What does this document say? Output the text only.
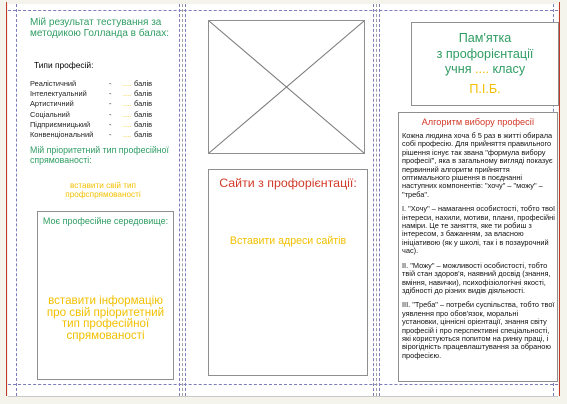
Мій результат тестування за методикою Голланда в балах:
Типи професій:
Реалістичний	-	.... балів
Інтелектуальний	-	.... балів
Артистичний	-	.... балів
Соціальний	-	.... балів
Підприємницький	-	.... балів
Конвенціональний	-	.... балів
Мій пріоритетний тип професійної спрямованості:
вставити свій тип профспрямованості
Моє професійне середовище:
вставити інформацію про свій пріоритетний тип професійної спрямованості
Сайти з профорієнтації:
Вставити адреси сайтів
Пам'ятка
з профорієнтації
учня .... класу
П.І.Б.
Алгоритм вибору професії

Кожна людина хоча б 5 раз в житті обирала собі професію. Для прийняття правильного рішення існує так звана "формула вибору професії", яка в загальному вигляді показує первинний алгоритм прийняття оптимального рішення в поєднанні наступних компонентів: "хочу" – "можу" – "треба".

I. "Хочу" – намагання особистості, тобто твої інтереси, нахили, мотиви, плани, професійні наміри. Це те заняття, яке ти робиш з інтересом, з бажанням, за власною ініціативою (як у школі, так і в позаурочний час).

II. "Можу" – можливості особистості, тобто твій стан здоров'я, наявний досвід (знання, вміння, навички), психофізіологічні якості, здібності до різних видів діяльності.

III. "Треба" – потреби суспільства, тобто твої уявлення про обов'язок, моральні установки, цінніснi орієнтації, знання світу професій і про перспективні спеціальності, які користуються попитом на ринку праці, і вірогідність працевлаштування за обраною професією.
